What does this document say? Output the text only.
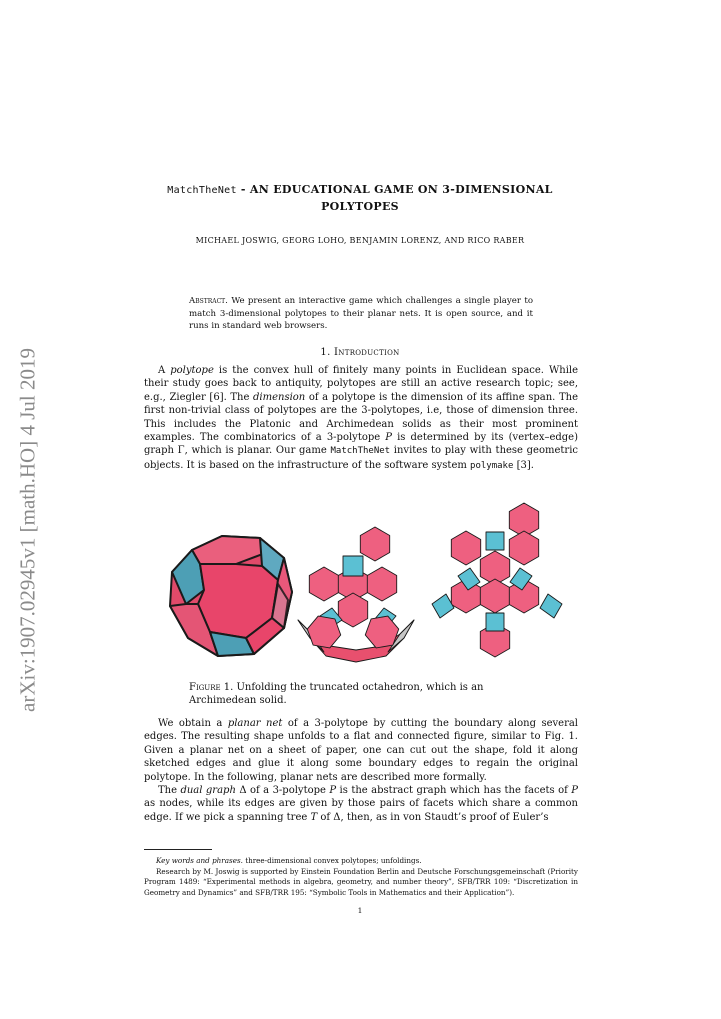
arXiv:1907.02945v1 [math.HO] 4 Jul 2019
MatchTheNet - AN EDUCATIONAL GAME ON 3-DIMENSIONAL
POLYTOPES
MICHAEL JOSWIG, GEORG LOHO, BENJAMIN LORENZ, AND RICO RABER
Abstract. We present an interactive game which challenges a single player to match 3-dimensional polytopes to their planar nets. It is open source, and it runs in standard web browsers.
1. Introduction

A polytope is the convex hull of finitely many points in Euclidean space. While their study goes back to antiquity, polytopes are still an active research topic; see, e.g., Ziegler [6]. The dimension of a polytope is the dimension of its affine span. The first non-trivial class of polytopes are the 3-polytopes, i.e, those of dimension three. This includes the Platonic and Archimedean solids as their most prominent examples. The combinatorics of a 3-polytope P is determined by its (vertex–edge) graph Γ, which is planar. Our game MatchTheNet invites to play with these geometric objects. It is based on the infrastructure of the software system polymake [3].

Figure 1. Unfolding the truncated octahedron, which is an Archimedean solid.

We obtain a planar net of a 3-polytope by cutting the boundary along several edges. The resulting shape unfolds to a flat and connected figure, similar to Fig. 1. Given a planar net on a sheet of paper, one can cut out the shape, fold it along sketched edges and glue it along some boundary edges to regain the original polytope. In the following, planar nets are described more formally.

The dual graph Δ of a 3-polytope P is the abstract graph which has the facets of P as nodes, while its edges are given by those pairs of facets which share a common edge. If we pick a spanning tree T of Δ, then, as in von Staudt’s proof of Euler’s

Key words and phrases. three-dimensional convex polytopes; unfoldings.

Research by M. Joswig is supported by Einstein Foundation Berlin and Deutsche Forschungsgemeinschaft (Priority Program 1489: “Experimental methods in algebra, geometry, and number theory”, SFB/TRR 109: “Discretization in Geometry and Dynamics” and SFB/TRR 195: “Symbolic Tools in Mathematics and their Application”).

1
